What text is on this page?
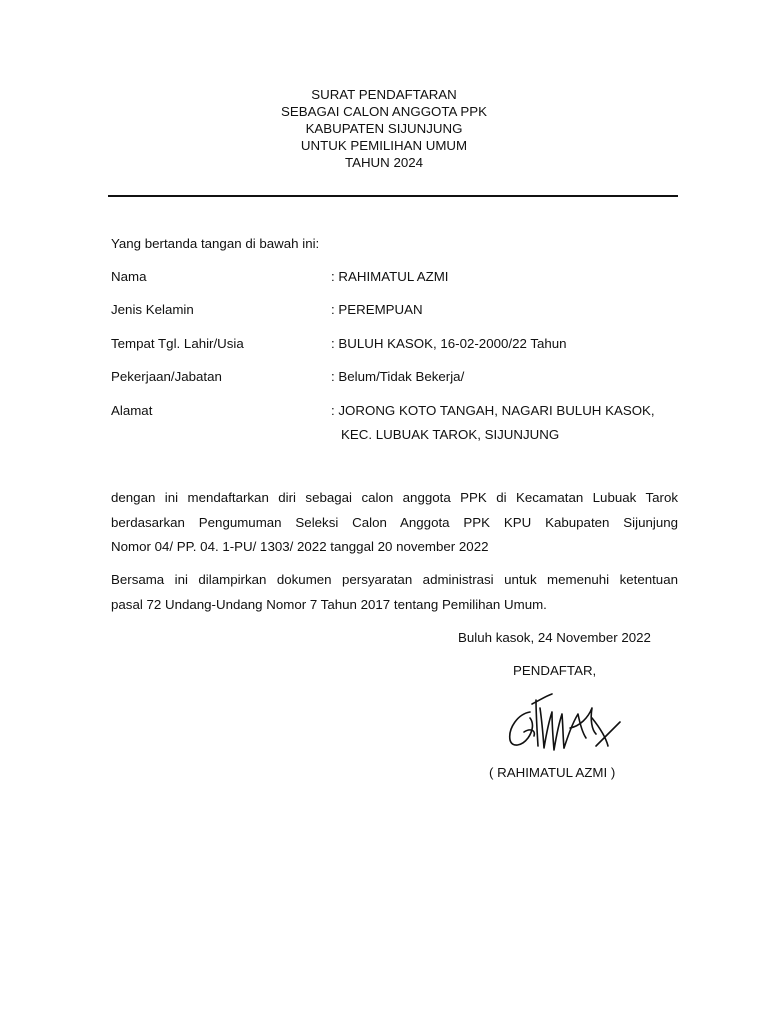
SURAT PENDAFTARAN
SEBAGAI CALON ANGGOTA PPK
KABUPATEN SIJUNJUNG
UNTUK PEMILIHAN UMUM
TAHUN 2024
Yang bertanda tangan di bawah ini:
Nama	: RAHIMATUL AZMI
Jenis Kelamin	: PEREMPUAN
Tempat Tgl. Lahir/Usia	: BULUH KASOK, 16-02-2000/22 Tahun
Pekerjaan/Jabatan	: Belum/Tidak Bekerja/
Alamat	: JORONG KOTO TANGAH, NAGARI BULUH KASOK,
KEC. LUBUAK TAROK, SIJUNJUNG
dengan ini mendaftarkan diri sebagai calon anggota PPK di Kecamatan Lubuak Tarok
berdasarkan Pengumuman Seleksi Calon Anggota PPK KPU Kabupaten Sijunjung
Nomor 04/ PP. 04. 1-PU/ 1303/ 2022 tanggal 20 november 2022
Bersama ini dilampirkan dokumen persyaratan administrasi untuk memenuhi ketentuan
pasal 72 Undang-Undang Nomor 7 Tahun 2017 tentang Pemilihan Umum.
Buluh kasok, 24 November 2022
PENDAFTAR,
( RAHIMATUL AZMI )
